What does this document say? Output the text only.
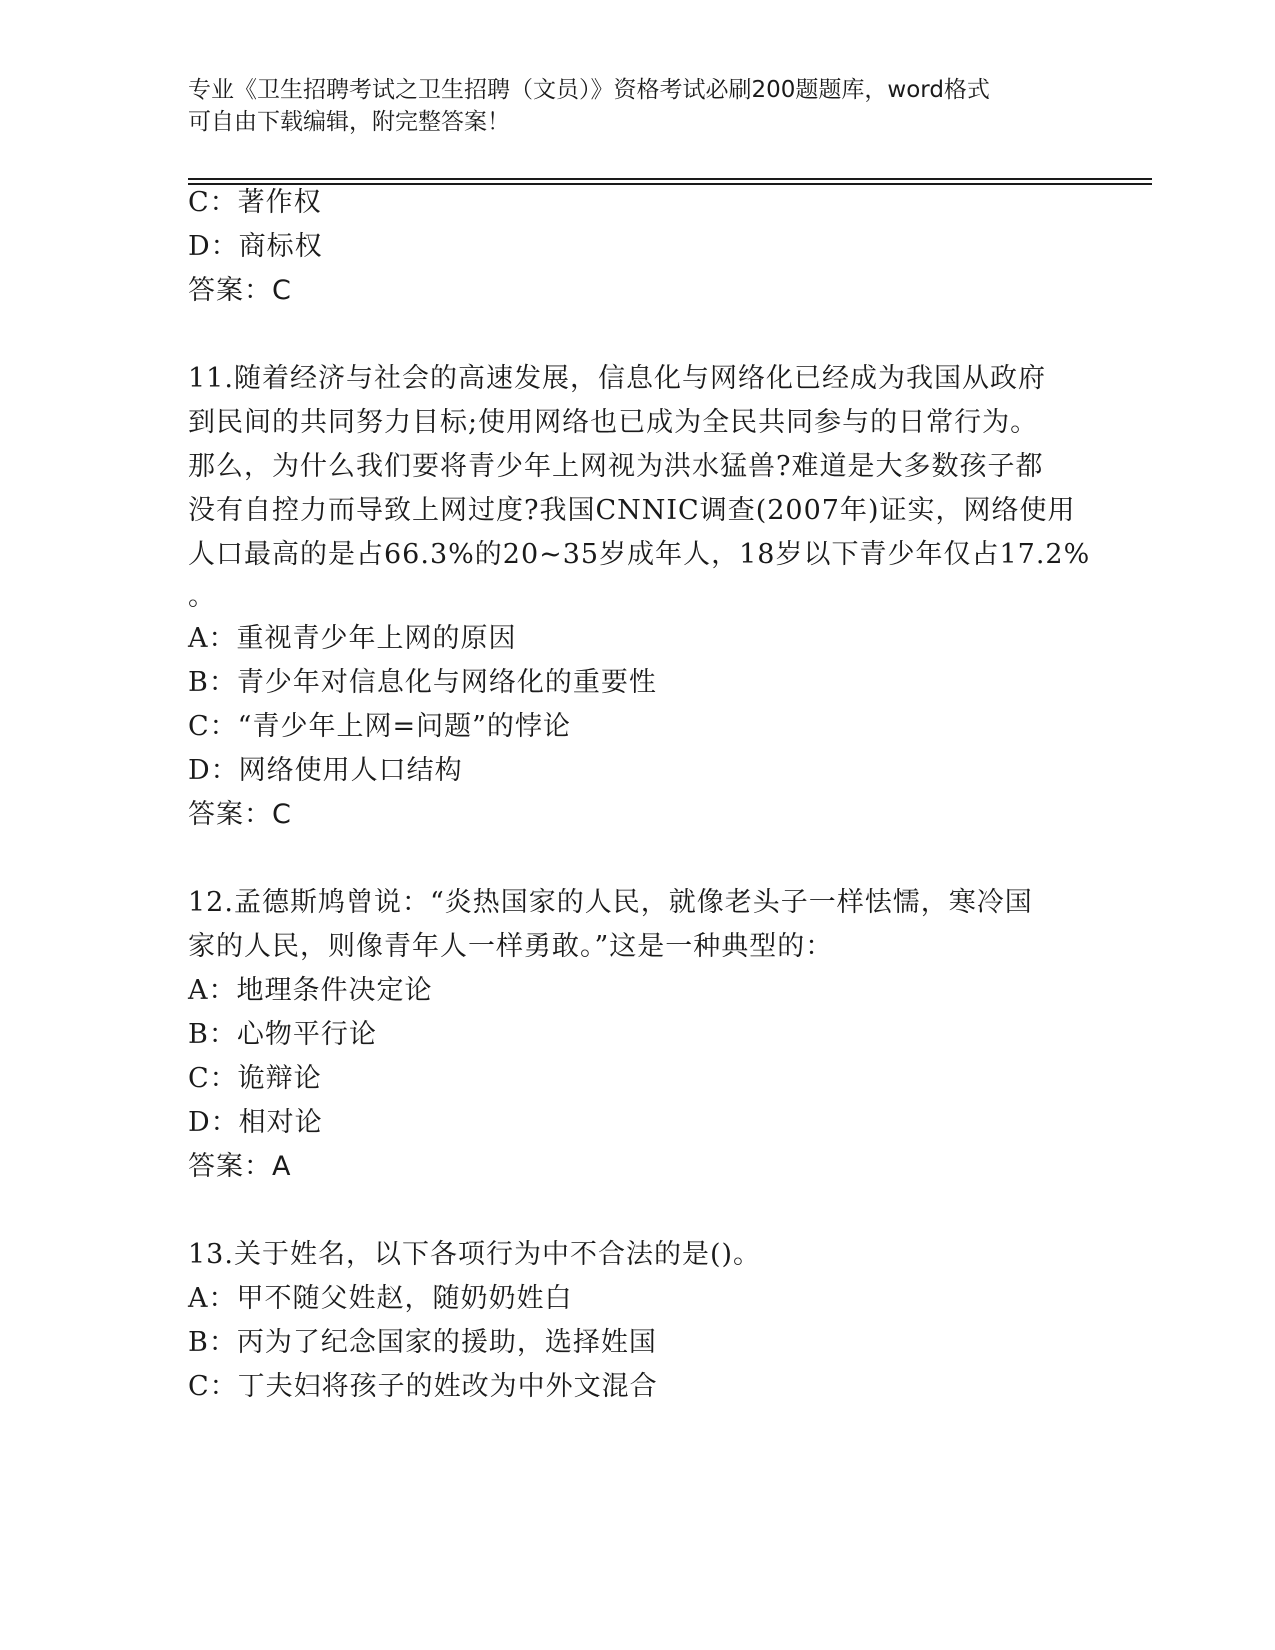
专业《卫生招聘考试之卫生招聘（文员）》资格考试必刷200题题库，word格式
可自由下载编辑，附完整答案！
C：著作权
D：商标权
答案：C
11.随着经济与社会的高速发展，信息化与网络化已经成为我国从政府
到民间的共同努力目标;使用网络也已成为全民共同参与的日常行为。
那么，为什么我们要将青少年上网视为洪水猛兽?难道是大多数孩子都
没有自控力而导致上网过度?我国CNNIC调查(2007年)证实，网络使用
人口最高的是占66.3%的20~35岁成年人，18岁以下青少年仅占17.2%
。
A：重视青少年上网的原因
B：青少年对信息化与网络化的重要性
C：“青少年上网=问题”的悖论
D：网络使用人口结构
答案：C
12.孟德斯鸠曾说：“炎热国家的人民，就像老头子一样怯懦，寒冷国
家的人民，则像青年人一样勇敢。”这是一种典型的：
A：地理条件决定论
B：心物平行论
C：诡辩论
D：相对论
答案：A
13.关于姓名，以下各项行为中不合法的是()。
A：甲不随父姓赵，随奶奶姓白
B：丙为了纪念国家的援助，选择姓国
C：丁夫妇将孩子的姓改为中外文混合
